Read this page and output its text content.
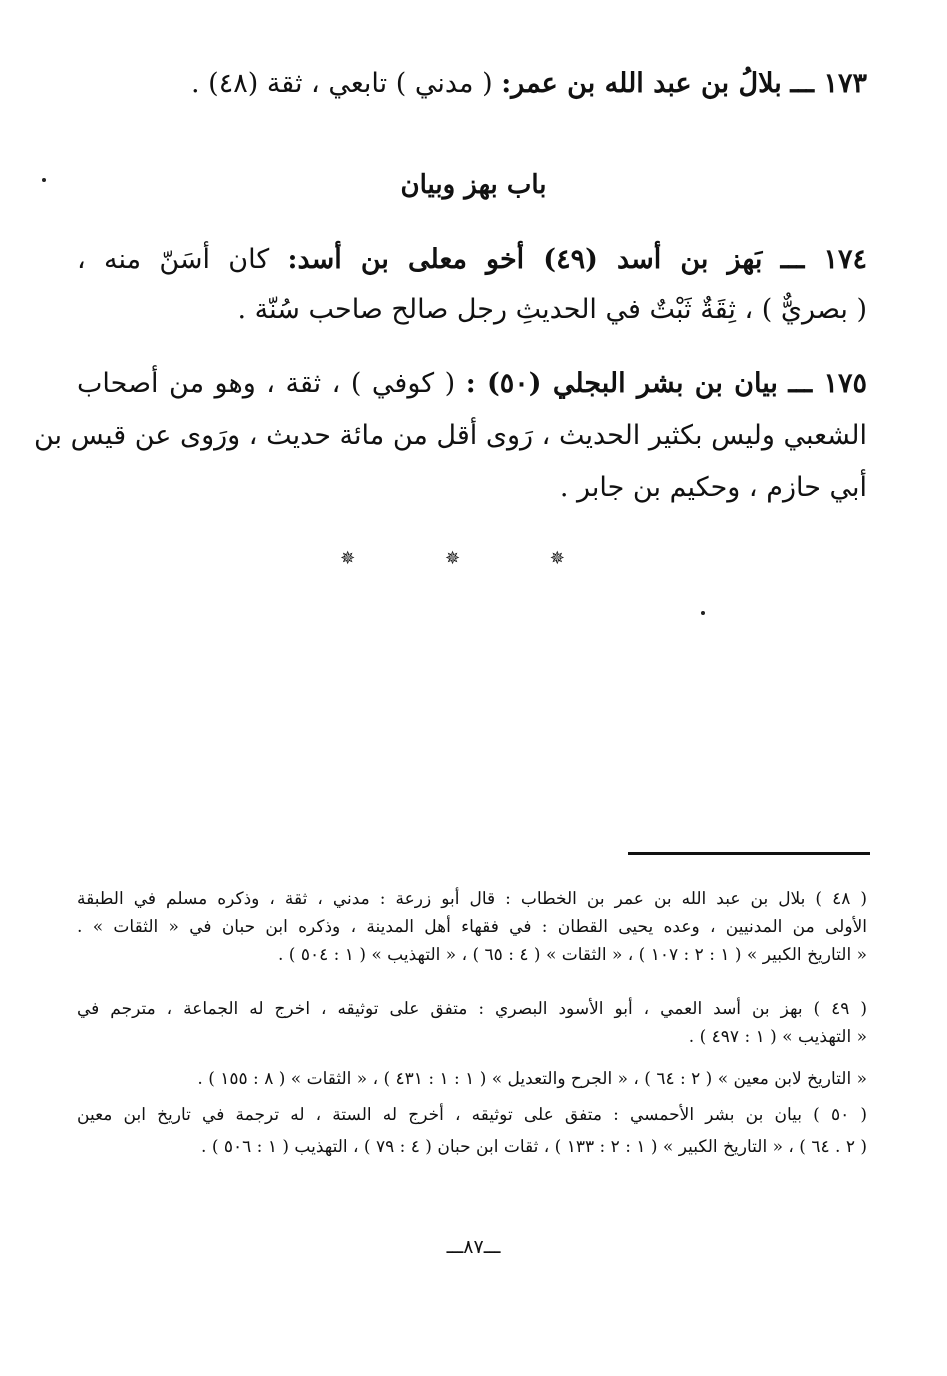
١٧٣ ـــ بلالُ بن عبد الله بن عمر: ( مدني ) تابعي ، ثقة (٤٨) .
باب بهز وبيان
١٧٤ ـــ بَهز بن أسد (٤٩) أخو معلى بن أسد: كان أسَنّ منه ،
( بصريٌّ ) ، ثِقَةٌ ثَبْتٌ في الحديثِ رجل صالح صاحب سُنّة .
١٧٥ ـــ بيان بن بشر البجلي (٥٠) : ( كوفي ) ، ثقة ، وهو من أصحاب
الشعبي وليس بكثير الحديث ، رَوى أقل من مائة حديث ، ورَوى عن قيس بن
أبي حازم ، وحكيم بن جابر .
✵ ✵ ✵
( ٤٨ ) بلال بن عبد الله بن عمر بن الخطاب : قال أبو زرعة : مدني ، ثقة ، وذكره مسلم في الطبقة
الأولى من المدنيين ، وعده يحيى القطان : في فقهاء أهل المدينة ، وذكره ابن حبان في « الثقات » .
« التاريخ الكبير » ( ١ : ٢ : ١٠٧ ) ، « الثقات » ( ٤ : ٦٥ ) ، « التهذيب » ( ١ : ٥٠٤ ) .
( ٤٩ ) بهز بن أسد العمي ، أبو الأسود البصري : متفق على توثيقه ، اخرج له الجماعة ، مترجم في
« التهذيب » ( ١ : ٤٩٧ ) .
« التاريخ لابن معين » ( ٢ : ٦٤ ) ، « الجرح والتعديل » ( ١ : ١ : ٤٣١ ) ، « الثقات » ( ٨ : ١٥٥ ) .
( ٥٠ ) بيان بن بشر الأحمسي : متفق على توثيقه ، أخرج له الستة ، له ترجمة في تاريخ ابن معين
( ٢ . ٦٤ ) ، « التاريخ الكبير » ( ١ : ٢ : ١٣٣ ) ، ثقات ابن حبان ( ٤ : ٧٩ ) ، التهذيب ( ١ : ٥٠٦ ) .
ـــ٨٧ـــ
